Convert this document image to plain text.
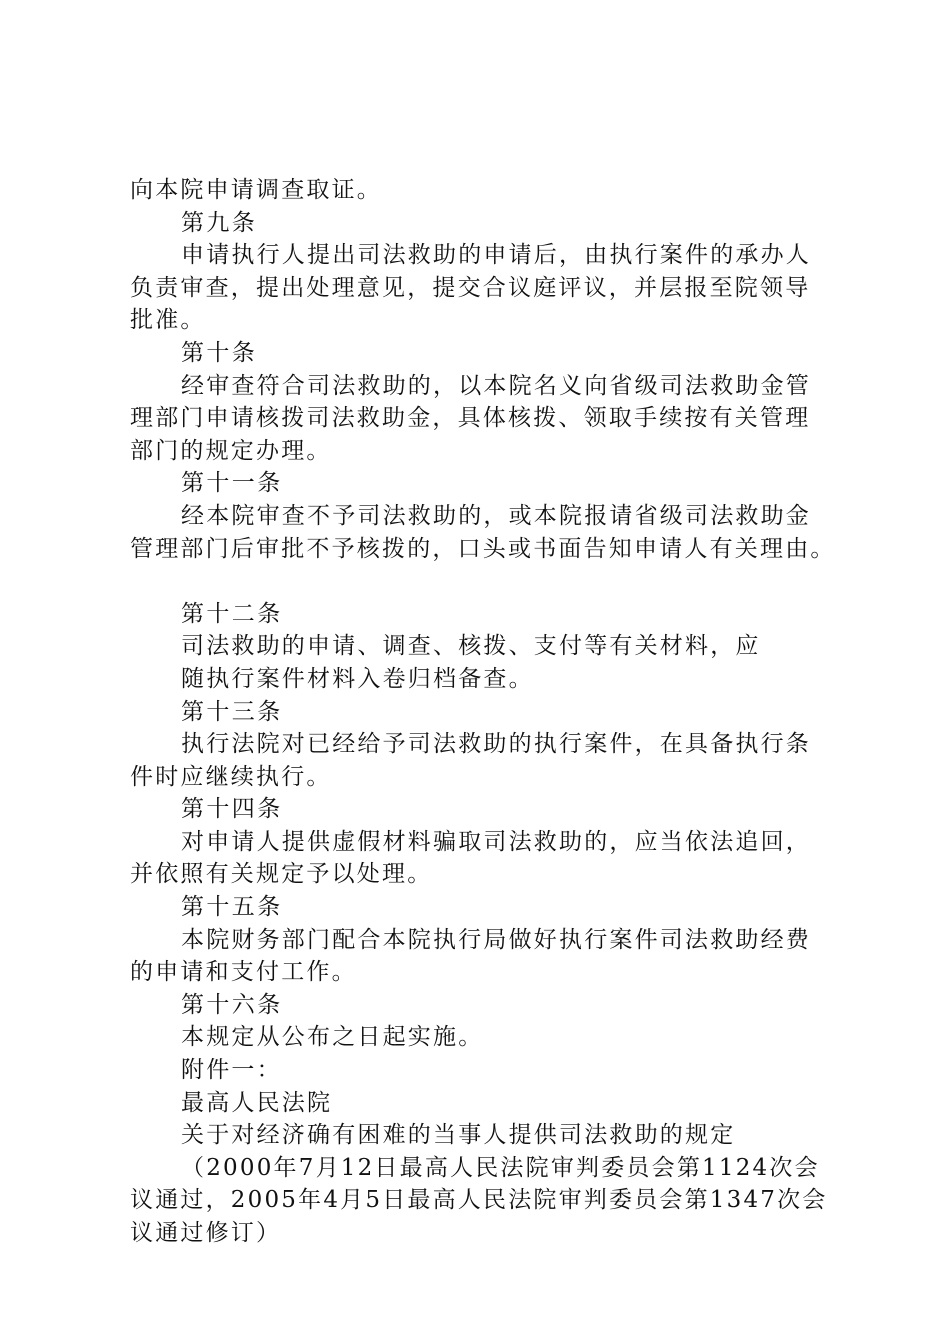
向本院申请调查取证。
第九条
申请执行人提出司法救助的申请后，由执行案件的承办人
负责审查，提出处理意见，提交合议庭评议，并层报至院领导
批准。
第十条
经审查符合司法救助的，以本院名义向省级司法救助金管
理部门申请核拨司法救助金，具体核拨、领取手续按有关管理
部门的规定办理。
第十一条
经本院审查不予司法救助的，或本院报请省级司法救助金
管理部门后审批不予核拨的，口头或书面告知申请人有关理由。
第十二条
司法救助的申请、调查、核拨、支付等有关材料，应
随执行案件材料入卷归档备查。
第十三条
执行法院对已经给予司法救助的执行案件，在具备执行条
件时应继续执行。
第十四条
对申请人提供虚假材料骗取司法救助的，应当依法追回，
并依照有关规定予以处理。
第十五条
本院财务部门配合本院执行局做好执行案件司法救助经费
的申请和支付工作。
第十六条
本规定从公布之日起实施。
附件一：
最高人民法院
关于对经济确有困难的当事人提供司法救助的规定
（2000年7月12日最高人民法院审判委员会第1124次会
议通过，2005年4月5日最高人民法院审判委员会第1347次会
议通过修订）
